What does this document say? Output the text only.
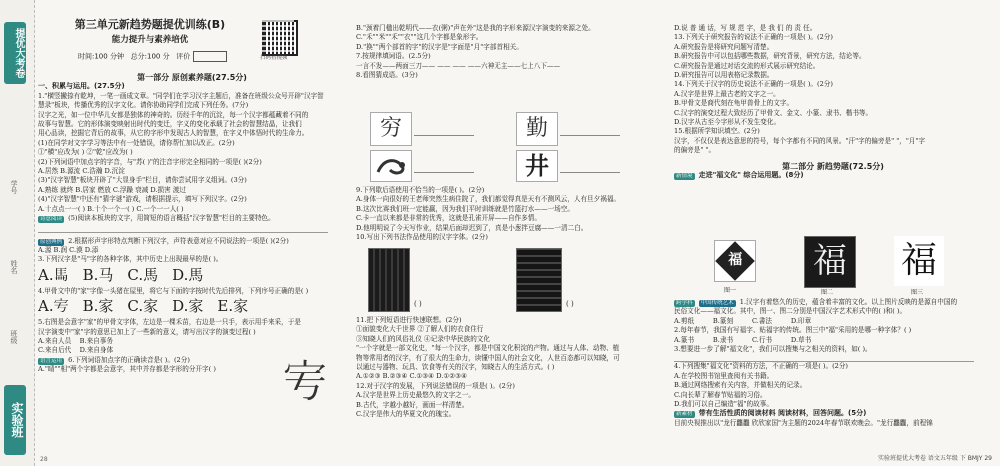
提优大考卷
学号
姓名
班级
实验班
第三单元新趋势题提优训练(B)
能力提升与素养培优
时间:100 分钟 总分:100 分 评价	扫码看视频
第一部分 原创素养题(27.5分)
一、积累与运用。(27.5分)
1."横竖撇捺有乾坤，一笔一画成文章。"同学们在学习汉字主题后，准备在班级公众号开辟"汉字智
慧录"板块，传播优秀的汉字文化。请你协助同学们完成下列任务。(7分)
汉字之光，如一位中华儿女都是独体的神奇的。历经千年的沉淀，每一个汉字都蕴藏着不同的
故事与智慧。它的形体演变映射出时代的变迁，字义的变化承载了社会的智慧结晶，让我们
用心品读，挖掘它背后的故事，从它的字形中发现古人的智慧，在字义中体悟时代的生命力。
(1)在同学对文字学习等法中有一处错误，请你帮忙加以改正。(2分)
①"横"应改为( ) ②"乾"应改为( )
(2)下列词语中加点字的字音，与"苏( )"的注音字形完全相同的一项是( )(2分)
A.居然 B.源流 C.浩瀚 D.沉淀
(3)"汉字智慧"板块开辟了"大显身手"栏目，请你尝试用字义组词。(3分)
A.熟练 就终 B.居家 燃放 C.浮躁 衰减 D.损害 渡过
(4)"汉字智慧"中还有"猜字谜"游戏，请根据提示，填写下列汉字。(2分)
A.十点点一一( ) B.十个一个一( ) C.一个一一人( )
诗意阅读 (5)阅读本板块的文字，用简短的语言概括"汉字智慧"栏目的主要特色。
原创典例 2.根据形声字形特点判断下列汉字，声符表意对应不同说法的一项是( )(2分)
A.源 B.润 C.漠 D.添
3.下列汉字是"马"字的各种字体，其中历史上出现最早的是( )。
A.𩡧 B.马 C.馬 D.馬
4.甲骨文中的"家"字像一头猪在屋里，将它与下面的字按时代先后排列，下列序号正确的是( )
A.𡧈 B.家 C.家 D.家 E.家
5.右图是会意字"家"的甲骨文字体，左边是一棵禾苗，右边是一只手，表示用手来采，于是
汉字演变中"家"字的意思已加上了一些新的意义，请写出汉字的演变过程( )
A.来自人员 B.来自事务
C.来自后代 D.来自身体
语言运用 6.下列词语加点字的正确读音是( )。(2分)
A."晴""相"两个字都是会意字，其中并存都是字形的分开字( )	𡧈
B."颈着门楹出乾明代——衣(粥)"声在外"这是我的字形来源汉字演变的来源之处。
C."禾""米""禾""衣""这几个字都是象形字。
D."换""两个部首的字"的汉字是"字面是"月"字部首相关。
7.按规律填词语。(2.5分)
一言不发——两面三刀—— —— —— ——六神无主——七上八下——
8.看图猜成语。(3分)
穷	勤
井
9.下列歇后语使用不恰当的一项是( )。(2分)
A.身体一向很好的王老师突然生病住院了，我们都觉得真是天有不测风云，人有旦夕祸福。
B.这次比赛我们班一定能赢，因为我们平时训练就是竹篮打水——一场空。
C.卡一直以来都是非常的优秀，这就是孔雀开屏——自作多情。
D.他明明说了今天写作业，结果后面却迟到了，真是小葱拌豆腐——一清二白。
10.写出下列书法作品使用的汉字字体。(2分)
( )	( )
11.把下列短语进行快速联想。(2分)
①面貌变化大千世界 ②了解人们的衣食住行
③知晓人们的风俗礼仪 ④记录中华民族的文化
"一个字就是一部文化史，"每一个汉字，都是中国文化积淀的产物。通过与人体、动物、植
物等常用者的汉字，有了很大的生命力，读懂中国人的社会文化，人世百态都可以知晓，可
以通过与器物、玩具、饮食等有关的汉字，知晓古人的生活方式。( )
A.①②③ B.②③④ C.①③④ D.①②③④
12.对于汉字的发展，下列说法错误的一项是( )。(2分)
A.汉字是世界上历史最悠久的文字之一。
B.古代，字越小越好，画面一样清楚。
C.汉字是伟大的华夏文化的瑰宝。
D.说 普 通 话，写 规 范 字，是 我 们 的 责 任。
13.下列关于研究报告的说法不正确的一项是( )。(2分)
A.研究报告是将研究问题写清楚。
B.研究报告中可以包括哪些数据，研究背景，研究方法，结论等。
C.研究报告是通过对话交流的形式展示研究结论。
D.研究报告可以用表格记录数据。
14.下列关于汉字的历史说法不正确的一项是( )。(2分)
A.汉字是世界上最古老的文字之一。
B.甲骨文是商代刻在龟甲兽骨上的文字。
C.汉字的演变过程大致经历了甲骨文、金文、小篆、隶书、楷书等。
D.汉字从古至今字形从不发生变化。
15.根据所学知识填空。(2分)
汉字，不仅仅是表达意思的符号，每个字都有不同的风景。"汗"字的偏旁是" "，"月"字
的偏旁是" "。
第二部分 新趋势题(72.5分)
新情境 走进"福文化" 综合运用题。(8分)
福 福 福
图一	图二	图三
跨学科 中国传统艺术 1.汉字有着悠久的历史，蕴含着丰富的文化。以上图片反映的是源自中国的
民俗文化——福文化。其中，图一、图二分别是中国汉字艺术形式中的( )和( )。
A.剪纸	B.篆刻	C.書法	D.印章
2.每年春节，我国有写福字、贴福字的传统。图三中"福"采用的是哪一种字体？( )
A.篆书	B.隶书	C.行书	D.草书
3.想要进一步了解"福文化"，我们可以搜集与之相关的资料，如( )。
4.下列搜集"福文化"资料的方法，不正确的一项是( )。(2分)
A.在学校图书馆里查阅有关书籍。
B.通过网络搜索有关内容，并做相关的记录。
C.向长辈了解春节贴福的习俗。
D.我们可以自己编造"福"的故事。
新素材 带有生活性质的阅读材料 阅读材料，回答问题。(5分)
目前央视推出以"龙行龘龘 欣欣家国"为主题的2024年春节联欢晚会。"龙行龘龘，前程锦
实验班提优大考卷 语文五年级 下 BMJY 29
28
